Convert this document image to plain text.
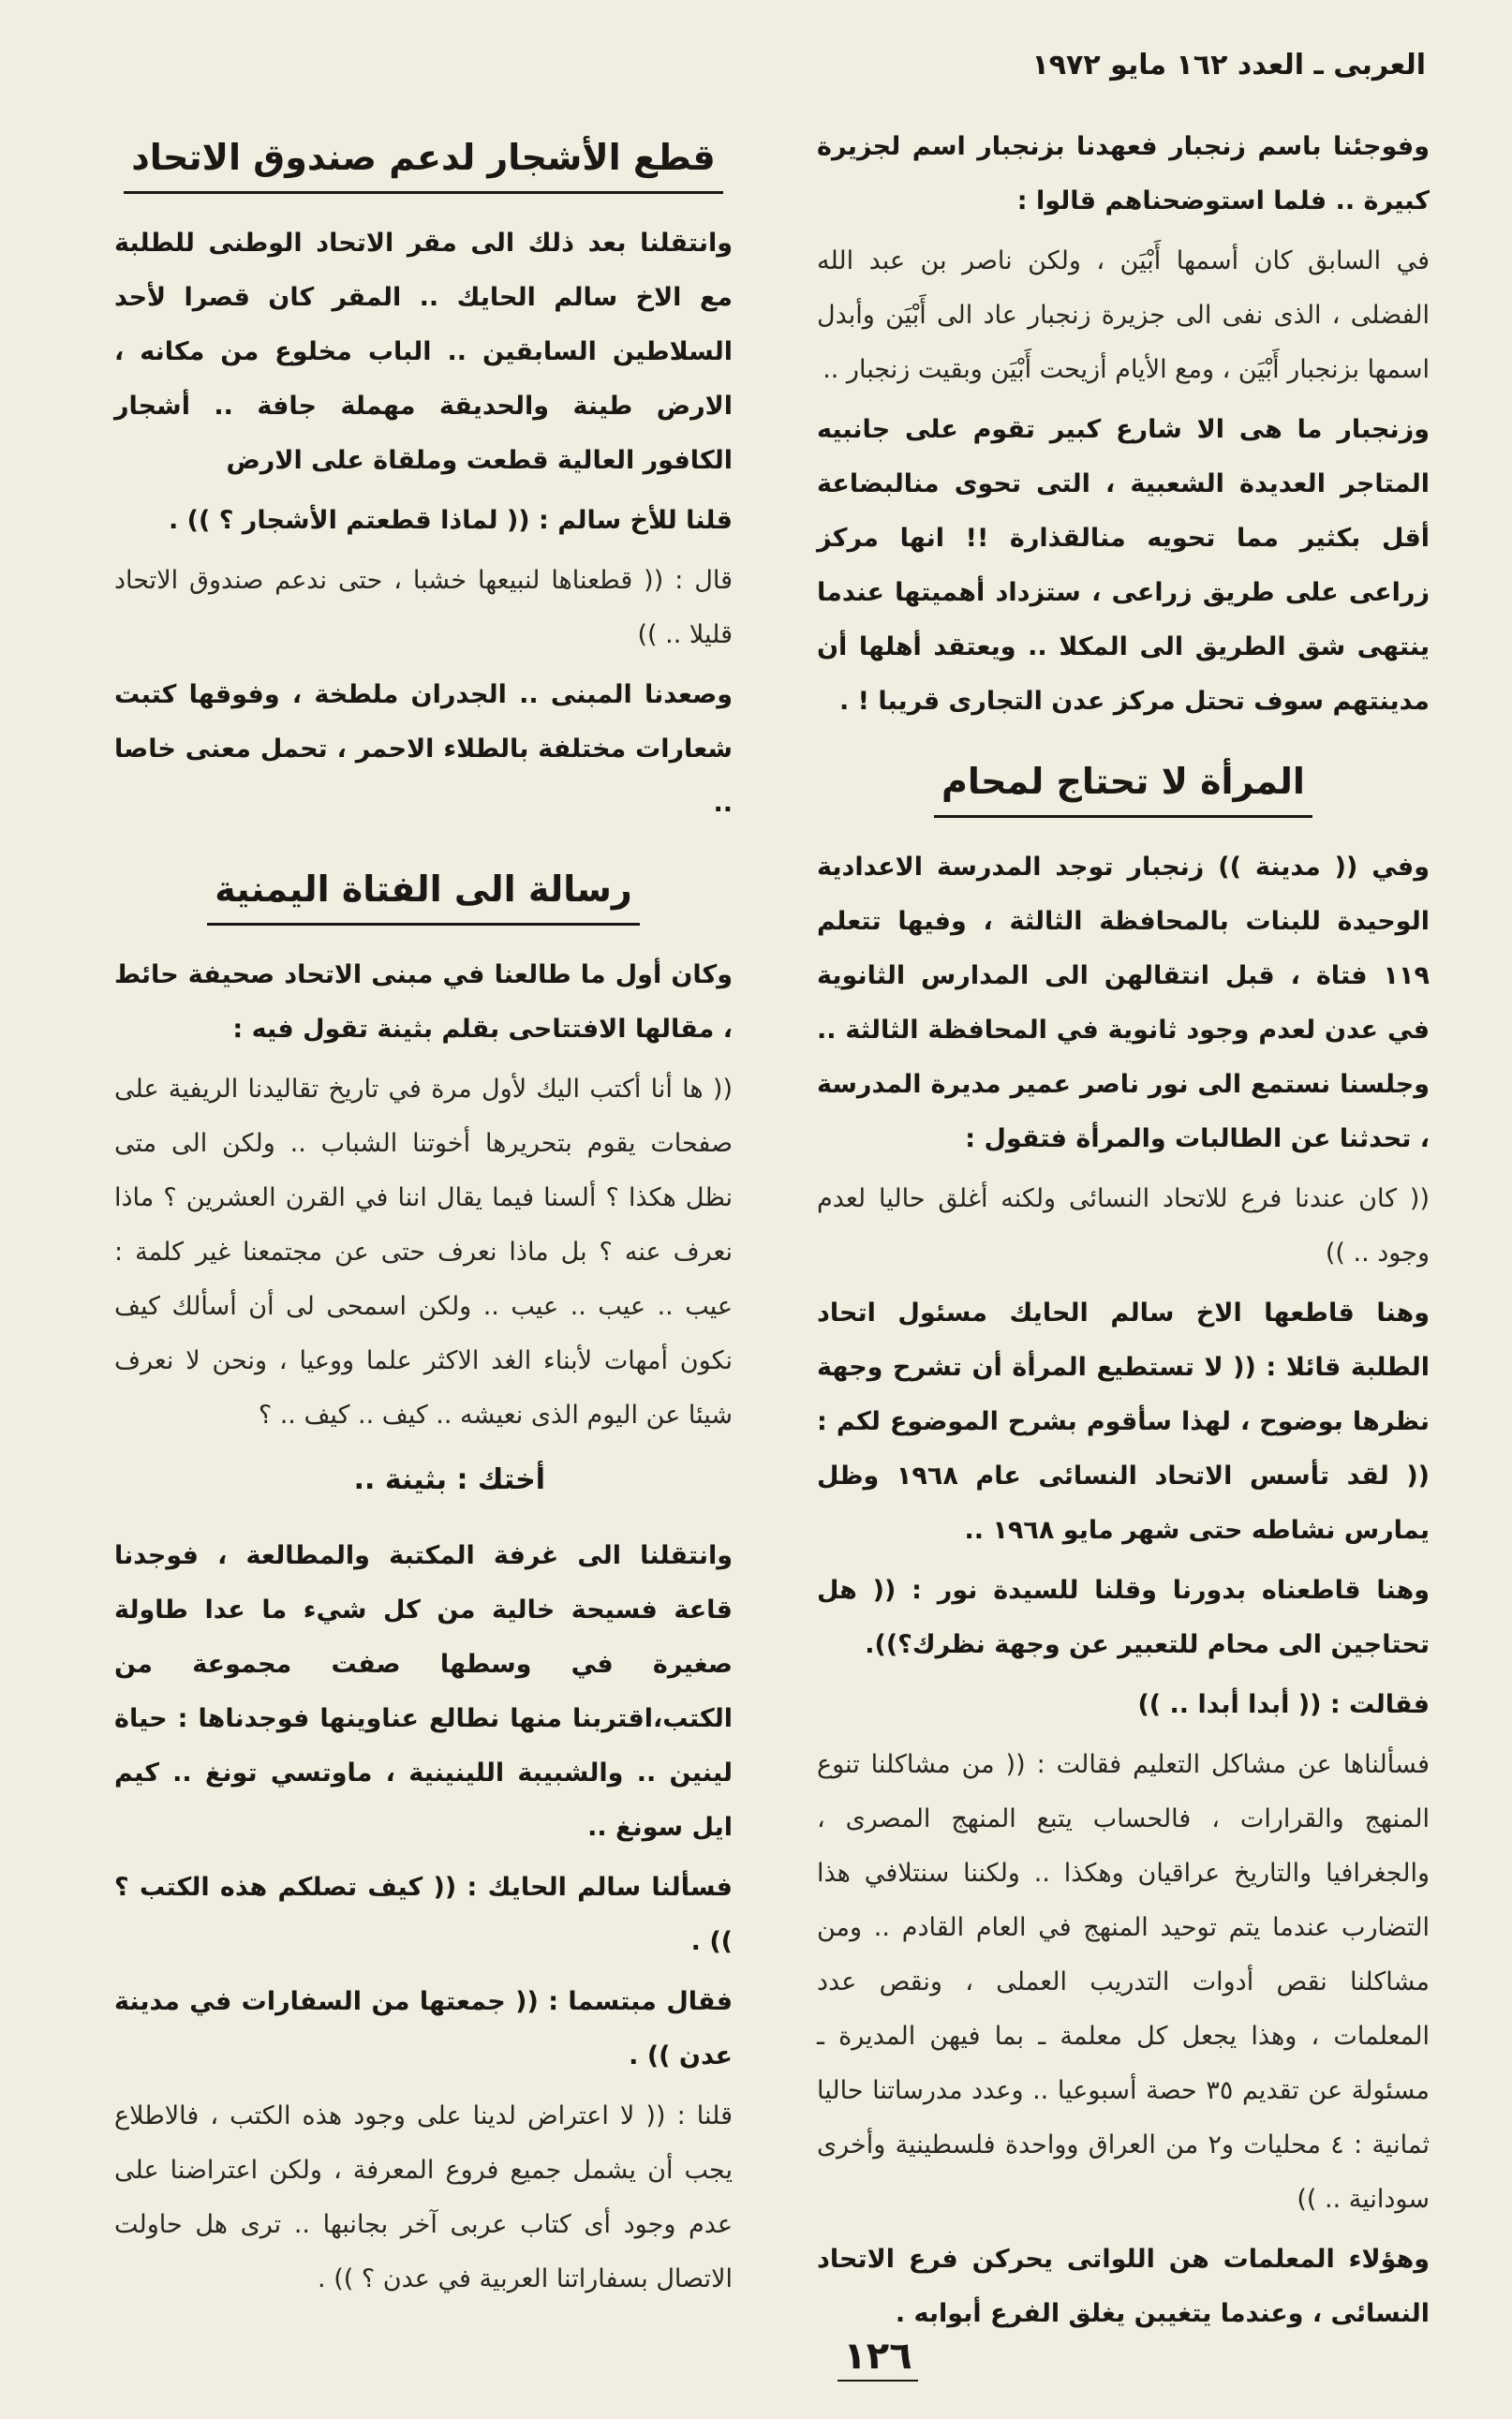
العربى ـ العدد ١٦٢ مايو ١٩٧٢

وفوجئنا باسم زنجبار فعهدنا بزنجبار اسم لجزيرة كبيرة .. فلما استوضحناهم قالوا :

في السابق كان أسمها أَبْيَن ، ولكن ناصر بن عبد الله الفضلى ، الذى نفى الى جزيرة زنجبار عاد الى أَبْيَن وأبدل اسمها بزنجبار أَبْيَن ، ومع الأيام أزيحت أَبْيَن وبقيت زنجبار ..

وزنجبار ما هى الا شارع كبير تقوم على جانبيه المتاجر العديدة الشعبية ، التى تحوى منالبضاعة أقل بكثير مما تحويه منالقذارة !! انها مركز زراعى على طريق زراعى ، ستزداد أهميتها عندما ينتهى شق الطريق الى المكلا .. ويعتقد أهلها أن مدينتهم سوف تحتل مركز عدن التجارى قريبا ! .

المرأة لا تحتاج لمحام

وفي (( مدينة )) زنجبار توجد المدرسة الاعدادية الوحيدة للبنات بالمحافظة الثالثة ، وفيها تتعلم ١١٩ فتاة ، قبل انتقالهن الى المدارس الثانوية في عدن لعدم وجود ثانوية في المحافظة الثالثة .. وجلسنا نستمع الى نور ناصر عمير مديرة المدرسة ، تحدثنا عن الطالبات والمرأة فتقول :

(( كان عندنا فرع للاتحاد النسائى ولكنه أغلق حاليا لعدم وجود .. ))

وهنا قاطعها الاخ سالم الحايك مسئول اتحاد الطلبة قائلا : (( لا تستطيع المرأة أن تشرح وجهة نظرها بوضوح ، لهذا سأقوم بشرح الموضوع لكم : (( لقد تأسس الاتحاد النسائى عام ١٩٦٨ وظل يمارس نشاطه حتى شهر مايو ١٩٦٨ ..

وهنا قاطعناه بدورنا وقلنا للسيدة نور : (( هل تحتاجين الى محام للتعبير عن وجهة نظرك؟)).

فقالت : (( أبدا أبدا .. ))

فسألناها عن مشاكل التعليم فقالت : (( من مشاكلنا تنوع المنهج والقرارات ، فالحساب يتبع المنهج المصرى ، والجغرافيا والتاريخ عراقيان وهكذا .. ولكننا سنتلافي هذا التضارب عندما يتم توحيد المنهج في العام القادم .. ومن مشاكلنا نقص أدوات التدريب العملى ، ونقص عدد المعلمات ، وهذا يجعل كل معلمة ـ بما فيهن المديرة ـ مسئولة عن تقديم ٣٥ حصة أسبوعيا .. وعدد مدرساتنا حاليا ثمانية : ٤ محليات و٢ من العراق وواحدة فلسطينية وأخرى سودانية .. ))

وهؤلاء المعلمات هن اللواتى يحركن فرع الاتحاد النسائى ، وعندما يتغيبن يغلق الفرع أبوابه .

قطع الأشجار لدعم صندوق الاتحاد

وانتقلنا بعد ذلك الى مقر الاتحاد الوطنى للطلبة مع الاخ سالم الحايك .. المقر كان قصرا لأحد السلاطين السابقين .. الباب مخلوع من مكانه ، الارض طينة والحديقة مهملة جافة .. أشجار الكافور العالية قطعت وملقاة على الارض

قلنا للأخ سالم : (( لماذا قطعتم الأشجار ؟ )) .

قال : (( قطعناها لنبيعها خشبا ، حتى ندعم صندوق الاتحاد قليلا .. ))

وصعدنا المبنى .. الجدران ملطخة ، وفوقها كتبت شعارات مختلفة بالطلاء الاحمر ، تحمل معنى خاصا ..

رسالة الى الفتاة اليمنية

وكان أول ما طالعنا في مبنى الاتحاد صحيفة حائط ، مقالها الافتتاحى بقلم بثينة تقول فيه :

(( ها أنا أكتب اليك لأول مرة في تاريخ تقاليدنا الريفية على صفحات يقوم بتحريرها أخوتنا الشباب .. ولكن الى متى نظل هكذا ؟ ألسنا فيما يقال اننا في القرن العشرين ؟ ماذا نعرف عنه ؟ بل ماذا نعرف حتى عن مجتمعنا غير كلمة : عيب .. عيب .. عيب .. ولكن اسمحى لى أن أسألك كيف نكون أمهات لأبناء الغد الاكثر علما ووعيا ، ونحن لا نعرف شيئا عن اليوم الذى نعيشه .. كيف .. كيف .. ؟

أختك : بثينة ..

وانتقلنا الى غرفة المكتبة والمطالعة ، فوجدنا قاعة فسيحة خالية من كل شيء ما عدا طاولة صغيرة في وسطها صفت مجموعة من الكتب،اقتربنا منها نطالع عناوينها فوجدناها : حياة لينين .. والشبيبة اللينينية ، ماوتسي تونغ .. كيم ايل سونغ ..

فسألنا سالم الحايك : (( كيف تصلكم هذه الكتب ؟ )) .

فقال مبتسما : (( جمعتها من السفارات في مدينة عدن )) .

قلنا : (( لا اعتراض لدينا على وجود هذه الكتب ، فالاطلاع يجب أن يشمل جميع فروع المعرفة ، ولكن اعتراضنا على عدم وجود أى كتاب عربى آخر بجانبها .. ترى هل حاولت الاتصال بسفاراتنا العربية في عدن ؟ )) .

١٢٦
